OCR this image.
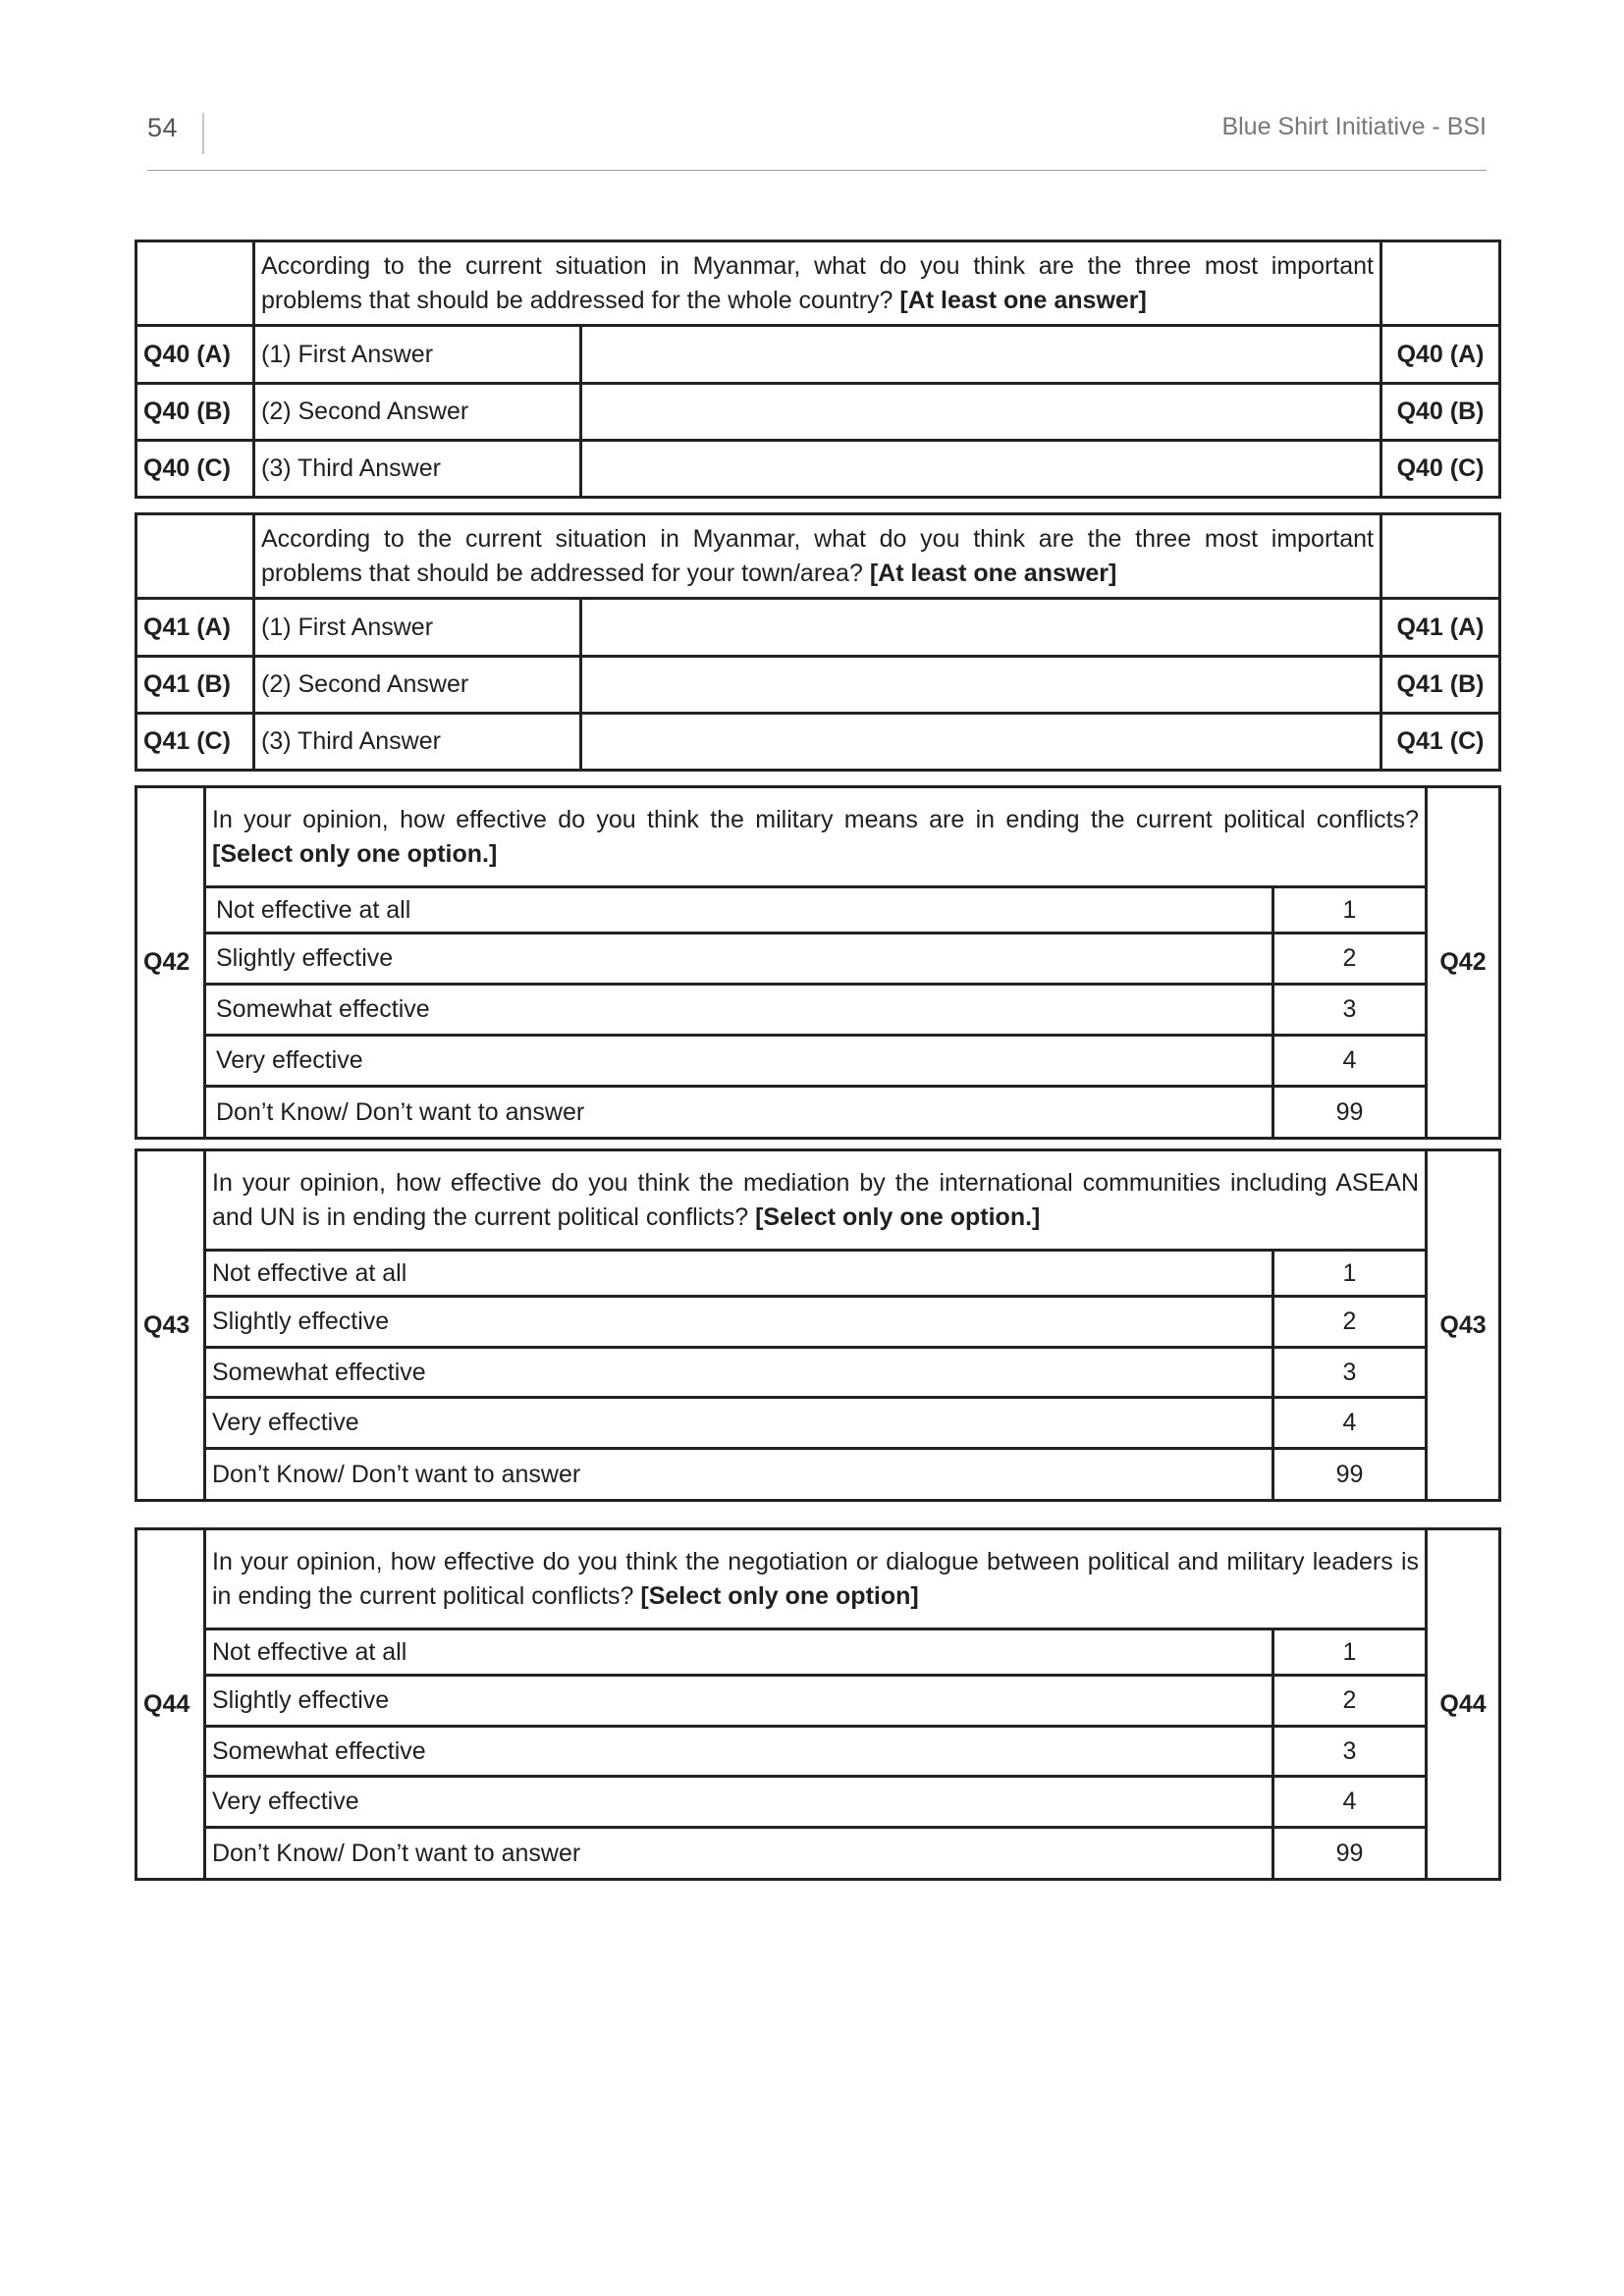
54	Blue Shirt Initiative - BSI
	According to the current situation in Myanmar, what do you think are the three most important problems that should be addressed for the whole country? [At least one answer]		
Q40 (A)	(1) First Answer		Q40 (A)
Q40 (B)	(2) Second Answer		Q40 (B)
Q40 (C)	(3) Third Answer		Q40 (C)
	According to the current situation in Myanmar, what do you think are the three most important problems that should be addressed for your town/area? [At least one answer]		
Q41 (A)	(1) First Answer		Q41 (A)
Q41 (B)	(2) Second Answer		Q41 (B)
Q41 (C)	(3) Third Answer		Q41 (C)
Q42	In your opinion, how effective do you think the military means are in ending the current political conflicts? [Select only one option.]		Q42
	Not effective at all	1	
	Slightly effective	2	
	Somewhat effective	3	
	Very effective	4	
	Don’t Know/ Don’t want to answer	99	
Q43	In your opinion, how effective do you think the mediation by the international communities including ASEAN and UN is in ending the current political conflicts? [Select only one option.]		Q43
	Not effective at all	1	
	Slightly effective	2	
	Somewhat effective	3	
	Very effective	4	
	Don’t Know/ Don’t want to answer	99	
Q44	In your opinion, how effective do you think the negotiation or dialogue between political and military leaders is in ending the current political conflicts? [Select only one option]		Q44
	Not effective at all	1	
	Slightly effective	2	
	Somewhat effective	3	
	Very effective	4	
	Don’t Know/ Don’t want to answer	99	
